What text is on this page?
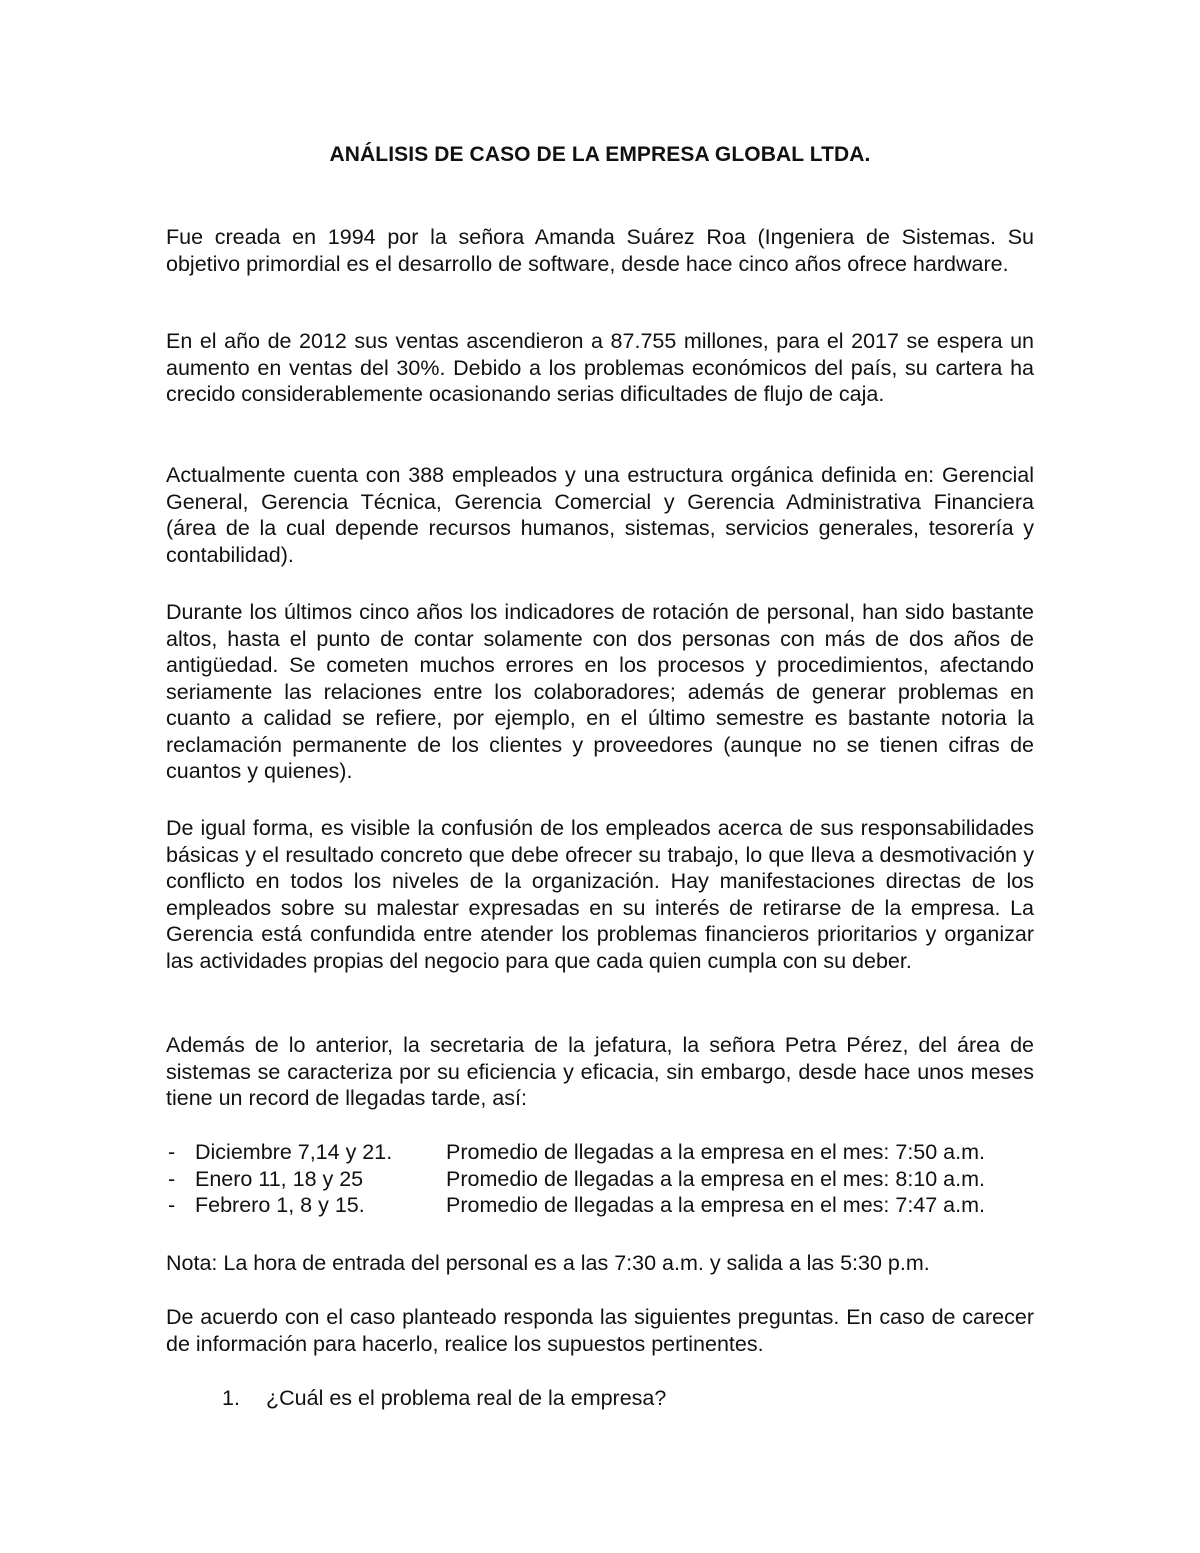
ANÁLISIS DE CASO DE LA EMPRESA GLOBAL LTDA.

Fue creada en 1994 por la señora Amanda Suárez Roa (Ingeniera de Sistemas. Su objetivo primordial es el desarrollo de software, desde hace cinco años ofrece hardware.

En el año de 2012 sus ventas ascendieron a 87.755 millones, para el 2017 se espera un aumento en ventas del 30%. Debido a los problemas económicos del país, su cartera ha crecido considerablemente ocasionando serias dificultades de flujo de caja.

Actualmente cuenta con 388 empleados y una estructura orgánica definida en: Gerencial General, Gerencia Técnica, Gerencia Comercial y Gerencia Administrativa Financiera (área de la cual depende recursos humanos, sistemas, servicios generales, tesorería y contabilidad).

Durante los últimos cinco años los indicadores de rotación de personal, han sido bastante altos, hasta el punto de contar solamente con dos personas con más de dos años de antigüedad. Se cometen muchos errores en los procesos y procedimientos, afectando seriamente las relaciones entre los colaboradores; además de generar problemas en cuanto a calidad se refiere, por ejemplo, en el último semestre es bastante notoria la reclamación permanente de los clientes y proveedores (aunque no se tienen cifras de cuantos y quienes).

De igual forma, es visible la confusión de los empleados acerca de sus responsabilidades básicas y el resultado concreto que debe ofrecer su trabajo, lo que lleva a desmotivación y conflicto en todos los niveles de la organización. Hay manifestaciones directas de los empleados sobre su malestar expresadas en su interés de retirarse de la empresa. La Gerencia está confundida entre atender los problemas financieros prioritarios y organizar las actividades propias del negocio para que cada quien cumpla con su deber.

Además de lo anterior, la secretaria de la jefatura, la señora Petra Pérez, del área de sistemas se caracteriza por su eficiencia y eficacia, sin embargo, desde hace unos meses tiene un record de llegadas tarde, así:

- Diciembre 7,14 y 21.	Promedio de llegadas a la empresa en el mes: 7:50 a.m.
- Enero 11, 18 y 25	Promedio de llegadas a la empresa en el mes: 8:10 a.m.
- Febrero 1, 8 y 15.	Promedio de llegadas a la empresa en el mes: 7:47 a.m.

Nota: La hora de entrada del personal es a las 7:30 a.m. y salida a las 5:30 p.m.

De acuerdo con el caso planteado responda las siguientes preguntas. En caso de carecer de información para hacerlo, realice los supuestos pertinentes.

1. ¿Cuál es el problema real de la empresa?
